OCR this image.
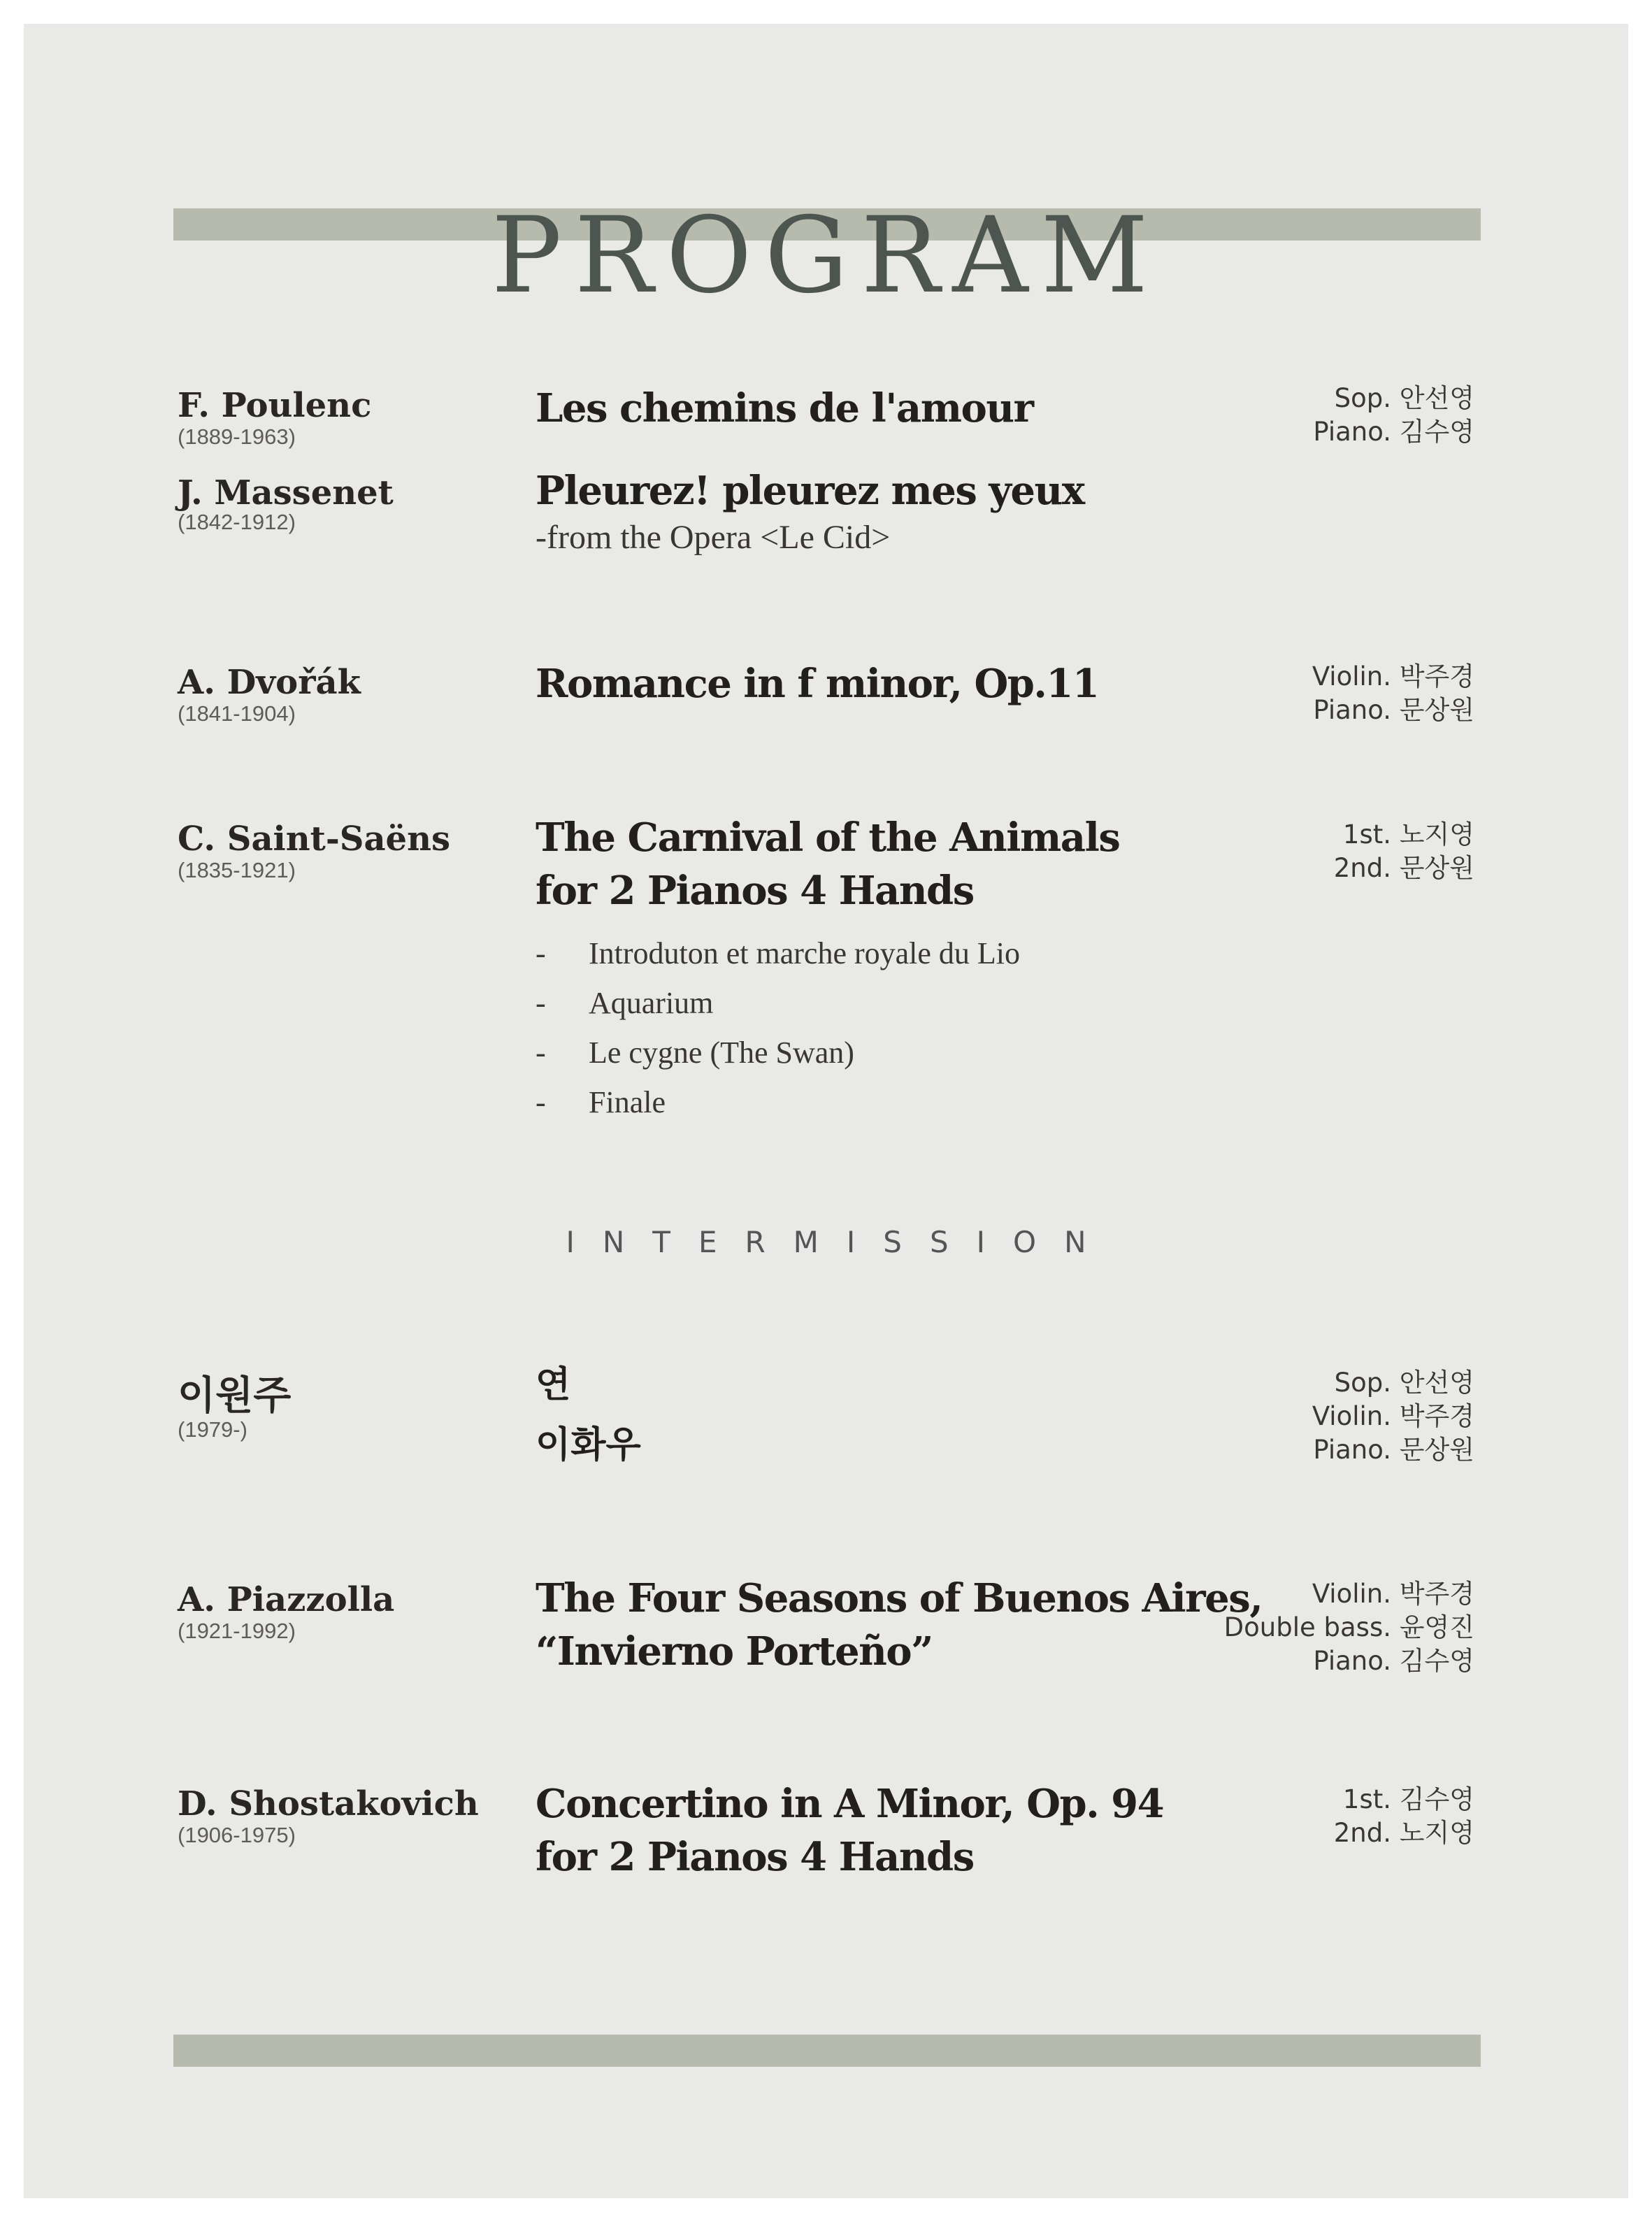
PROGRAM
F. Poulenc
(1889-1963)
Les chemins de l'amour	Sop. 안선영
Piano. 김수영
J. Massenet
(1842-1912)
Pleurez! pleurez mes yeux
-from the Opera <Le Cid>
A. Dvořák
(1841-1904)
Romance in f minor, Op.11	Violin. 박주경
Piano. 문상원
C. Saint-Saëns
(1835-1921)
The Carnival of the Animals
for 2 Pianos 4 Hands
- Introduton et marche royale du Lio
- Aquarium
- Le cygne (The Swan)
- Finale
1st. 노지영
2nd. 문상원
INTERMISSION
이원주
(1979-)
연
이화우
Sop. 안선영
Violin. 박주경
Piano. 문상원
A. Piazzolla
(1921-1992)
The Four Seasons of Buenos Aires,
“Invierno Porteño”
Violin. 박주경
Double bass. 윤영진
Piano. 김수영
D. Shostakovich
(1906-1975)
Concertino in A Minor, Op. 94
for 2 Pianos 4 Hands
1st. 김수영
2nd. 노지영
